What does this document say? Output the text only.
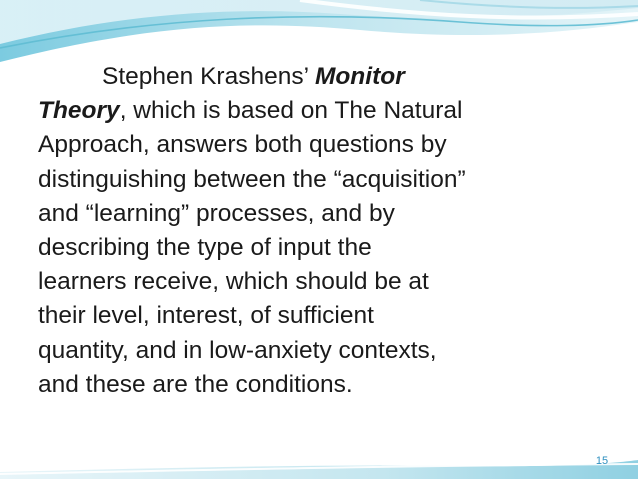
Stephen Krashens’ Monitor
Theory, which is based on The Natural
Approach, answers both questions by
distinguishing between the “acquisition”
and “learning” processes, and by
describing the type of input the
learners receive, which should be at
their level, interest, of sufficient
quantity, and in low-anxiety contexts,
and these are the conditions.
15
